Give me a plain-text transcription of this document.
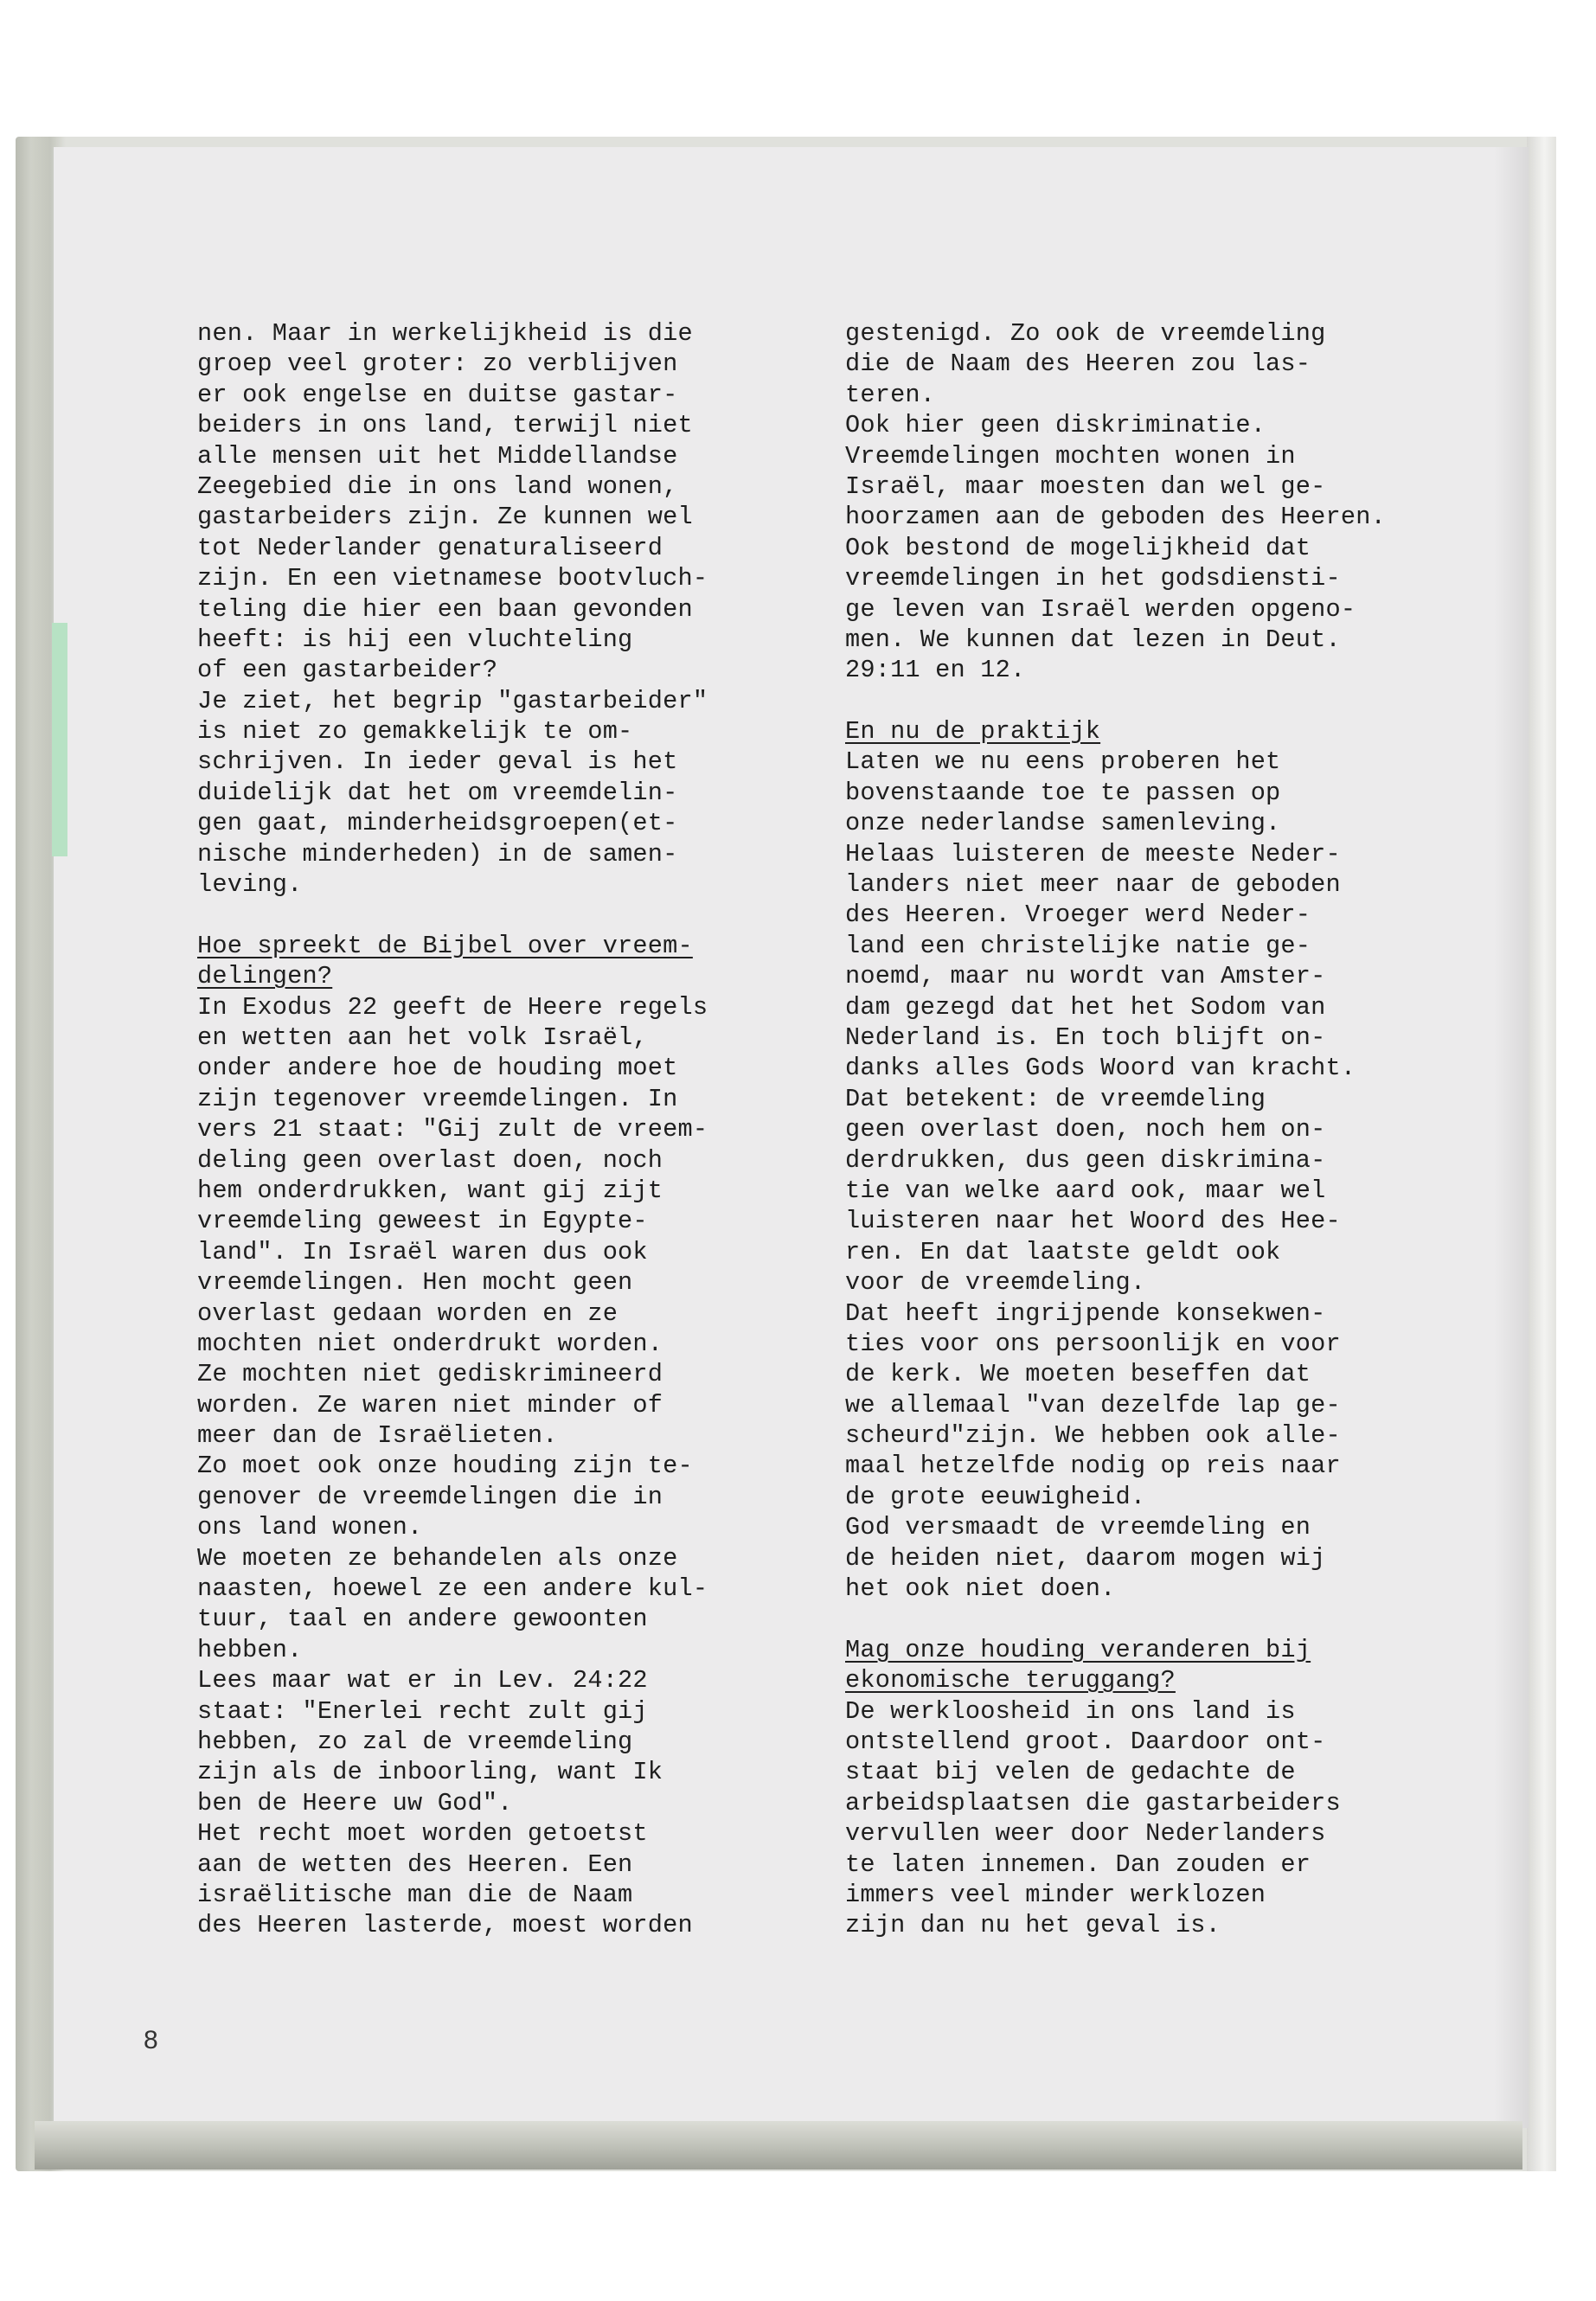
nen. Maar in werkelijkheid is die
groep veel groter: zo verblijven
er ook engelse en duitse gastar-
beiders in ons land, terwijl niet
alle mensen uit het Middellandse
Zeegebied die in ons land wonen,
gastarbeiders zijn. Ze kunnen wel
tot Nederlander genaturaliseerd
zijn. En een vietnamese bootvluch-
teling die hier een baan gevonden
heeft: is hij een vluchteling
of een gastarbeider?
Je ziet, het begrip "gastarbeider"
is niet zo gemakkelijk te om-
schrijven. In ieder geval is het
duidelijk dat het om vreemdelin-
gen gaat, minderheidsgroepen(et-
nische minderheden) in de samen-
leving.
Hoe spreekt de Bijbel over vreem-
delingen?
In Exodus 22 geeft de Heere regels
en wetten aan het volk Israël,
onder andere hoe de houding moet
zijn tegenover vreemdelingen. In
vers 21 staat: "Gij zult de vreem-
deling geen overlast doen, noch
hem onderdrukken, want gij zijt
vreemdeling geweest in Egypte-
land". In Israël waren dus ook
vreemdelingen. Hen mocht geen
overlast gedaan worden en ze
mochten niet onderdrukt worden.
Ze mochten niet gediskrimineerd
worden. Ze waren niet minder of
meer dan de Israëlieten.
Zo moet ook onze houding zijn te-
genover de vreemdelingen die in
ons land wonen.
We moeten ze behandelen als onze
naasten, hoewel ze een andere kul-
tuur, taal en andere gewoonten
hebben.
Lees maar wat er in Lev. 24:22
staat: "Enerlei recht zult gij
hebben, zo zal de vreemdeling
zijn als de inboorling, want Ik
ben de Heere uw God".
Het recht moet worden getoetst
aan de wetten des Heeren. Een
israëlitische man die de Naam
des Heeren lasterde, moest worden
gestenigd. Zo ook de vreemdeling
die de Naam des Heeren zou las-
teren.
Ook hier geen diskriminatie.
Vreemdelingen mochten wonen in
Israël, maar moesten dan wel ge-
hoorzamen aan de geboden des Heeren.
Ook bestond de mogelijkheid dat
vreemdelingen in het godsdiensti-
ge leven van Israël werden opgeno-
men. We kunnen dat lezen in Deut.
29:11 en 12.
En nu de praktijk
Laten we nu eens proberen het
bovenstaande toe te passen op
onze nederlandse samenleving.
Helaas luisteren de meeste Neder-
landers niet meer naar de geboden
des Heeren. Vroeger werd Neder-
land een christelijke natie ge-
noemd, maar nu wordt van Amster-
dam gezegd dat het het Sodom van
Nederland is. En toch blijft on-
danks alles Gods Woord van kracht.
Dat betekent: de vreemdeling
geen overlast doen, noch hem on-
derdrukken, dus geen diskrimina-
tie van welke aard ook, maar wel
luisteren naar het Woord des Hee-
ren. En dat laatste geldt ook
voor de vreemdeling.
Dat heeft ingrijpende konsekwen-
ties voor ons persoonlijk en voor
de kerk. We moeten beseffen dat
we allemaal "van dezelfde lap ge-
scheurd"zijn. We hebben ook alle-
maal hetzelfde nodig op reis naar
de grote eeuwigheid.
God versmaadt de vreemdeling en
de heiden niet, daarom mogen wij
het ook niet doen.
Mag onze houding veranderen bij
ekonomische teruggang?
De werkloosheid in ons land is
ontstellend groot. Daardoor ont-
staat bij velen de gedachte de
arbeidsplaatsen die gastarbeiders
vervullen weer door Nederlanders
te laten innemen. Dan zouden er
immers veel minder werklozen
zijn dan nu het geval is.
8
